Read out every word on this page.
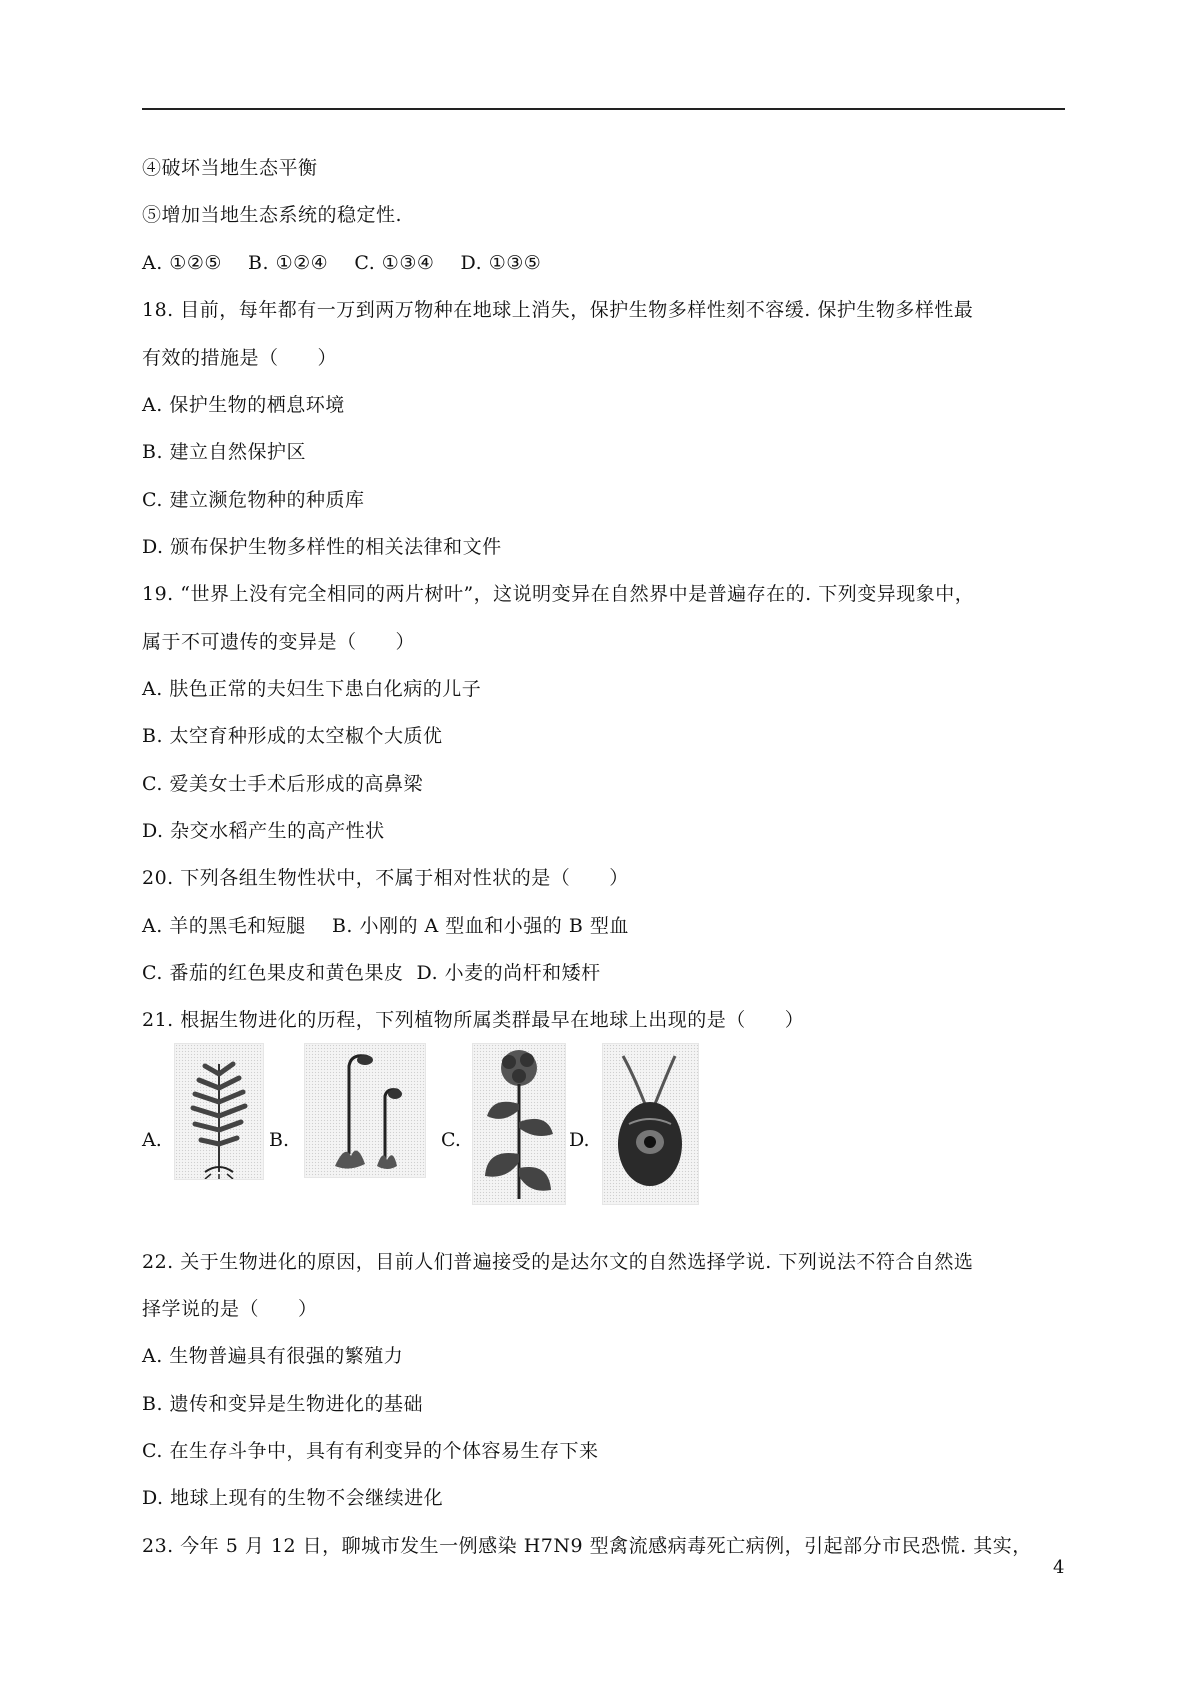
④破坏当地生态平衡
⑤增加当地生态系统的稳定性.
A. ①②⑤    B. ①②④    C. ①③④    D. ①③⑤
18. 目前，每年都有一万到两万物种在地球上消失，保护生物多样性刻不容缓. 保护生物多样性最
有效的措施是（　　）
A. 保护生物的栖息环境
B. 建立自然保护区
C. 建立濒危物种的种质库
D. 颁布保护生物多样性的相关法律和文件
19. “世界上没有完全相同的两片树叶”，这说明变异在自然界中是普遍存在的. 下列变异现象中，
属于不可遗传的变异是（　　）
A. 肤色正常的夫妇生下患白化病的儿子
B. 太空育种形成的太空椒个大质优
C. 爱美女士手术后形成的高鼻梁
D. 杂交水稻产生的高产性状
20. 下列各组生物性状中，不属于相对性状的是（　　）
A. 羊的黑毛和短腿    B. 小刚的 A 型血和小强的 B 型血
C. 番茄的红色果皮和黄色果皮  D. 小麦的尚杆和矮杆
21. 根据生物进化的历程，下列植物所属类群最早在地球上出现的是（　　）
A.	B.	C.	D.
22. 关于生物进化的原因，目前人们普遍接受的是达尔文的自然选择学说. 下列说法不符合自然选
择学说的是（　　）
A. 生物普遍具有很强的繁殖力
B. 遗传和变异是生物进化的基础
C. 在生存斗争中，具有有利变异的个体容易生存下来
D. 地球上现有的生物不会继续进化
23. 今年 5 月 12 日，聊城市发生一例感染 H7N9 型禽流感病毒死亡病例，引起部分市民恐慌. 其实，
4
